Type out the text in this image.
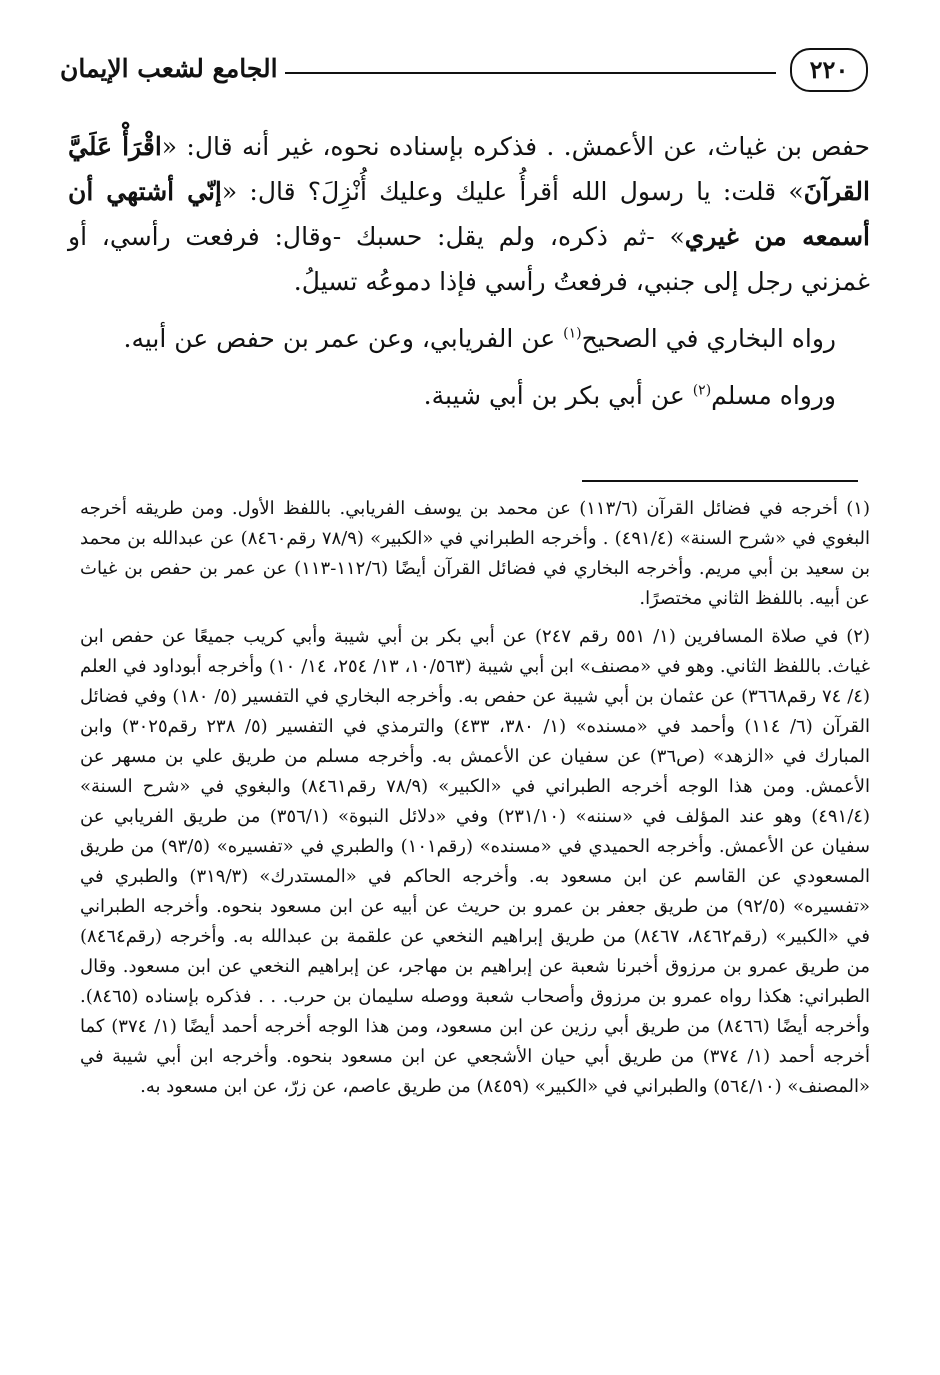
الجامع لشعب الإيمان	٢٢٠

حفص بن غياث، عن الأعمش. . فذكره بإسناده نحوه، غير أنه قال: «اقْرَأْ عَلَيَّ القرآنَ» قلت: يا رسول الله أقرأُ عليك وعليك أُنْزِلَ؟ قال: «إنّي أشتهي أن أسمعه من غيري» -ثم ذكره، ولم يقل: حسبك -وقال: فرفعت رأسي، أو غمزني رجل إلى جنبي، فرفعتُ رأسي فإذا دموعُه تسيلُ.

رواه البخاري في الصحيح$^{(١)}$ عن الفريابي، وعن عمر بن حفص عن أبيه.

ورواه مسلم$^{(٢)}$ عن أبي بكر بن أبي شيبة.

(١) أخرجه في فضائل القرآن (١١٣/٦) عن محمد بن يوسف الفريابي. باللفظ الأول. ومن طريقه أخرجه البغوي في «شرح السنة» (٤٩١/٤) . وأخرجه الطبراني في «الكبير» (٧٨/٩ رقم٨٤٦٠) عن عبدالله بن محمد بن سعيد بن أبي مريم. وأخرجه البخاري في فضائل القرآن أيضًا (١١٢/٦-١١٣) عن عمر بن حفص بن غياث عن أبيه. باللفظ الثاني مختصرًا.
(٢) في صلاة المسافرين (١/ ٥٥١ رقم ٢٤٧) عن أبي بكر بن أبي شيبة وأبي كريب جميعًا عن حفص ابن غياث. باللفظ الثاني. وهو في «مصنف» ابن أبي شيبة (١٠/٥٦٣، ١٣/ ٢٥٤، ١٤/ ١٠) وأخرجه أبوداود في العلم (٤/ ٧٤ رقم٣٦٦٨) عن عثمان بن أبي شيبة عن حفص به. وأخرجه البخاري في التفسير (٥/ ١٨٠) وفي فضائل القرآن (٦/ ١١٤) وأحمد في «مسنده» (١/ ٣٨٠، ٤٣٣) والترمذي في التفسير (٥/ ٢٣٨ رقم٣٠٢٥) وابن المبارك في «الزهد» (ص٣٦) عن سفيان عن الأعمش به. وأخرجه مسلم من طريق علي بن مسهر عن الأعمش. ومن هذا الوجه أخرجه الطبراني في «الكبير» (٧٨/٩ رقم٨٤٦١) والبغوي في «شرح السنة» (٤٩١/٤) وهو عند المؤلف في «سننه» (٢٣١/١٠) وفي «دلائل النبوة» (٣٥٦/١) من طريق الفريابي عن سفيان عن الأعمش. وأخرجه الحميدي في «مسنده» (رقم١٠١) والطبري في «تفسيره» (٩٣/٥) من طريق المسعودي عن القاسم عن ابن مسعود به. وأخرجه الحاكم في «المستدرك» (٣١٩/٣) والطبري في «تفسيره» (٩٢/٥) من طريق جعفر بن عمرو بن حريث عن أبيه عن ابن مسعود بنحوه. وأخرجه الطبراني في «الكبير» (رقم٨٤٦٢، ٨٤٦٧) من طريق إبراهيم النخعي عن علقمة بن عبدالله به. وأخرجه (رقم٨٤٦٤) من طريق عمرو بن مرزوق أخبرنا شعبة عن إبراهيم بن مهاجر، عن إبراهيم النخعي عن ابن مسعود. وقال الطبراني: هكذا رواه عمرو بن مرزوق وأصحاب شعبة ووصله سليمان بن حرب. . . فذكره بإسناده (٨٤٦٥). وأخرجه أيضًا (٨٤٦٦) من طريق أبي رزين عن ابن مسعود، ومن هذا الوجه أخرجه أحمد أيضًا (١/ ٣٧٤) كما أخرجه أحمد (١/ ٣٧٤) من طريق أبي حيان الأشجعي عن ابن مسعود بنحوه. وأخرجه ابن أبي شيبة في «المصنف» (٥٦٤/١٠) والطبراني في «الكبير» (٨٤٥٩) من طريق عاصم، عن زرّ، عن ابن مسعود به.
